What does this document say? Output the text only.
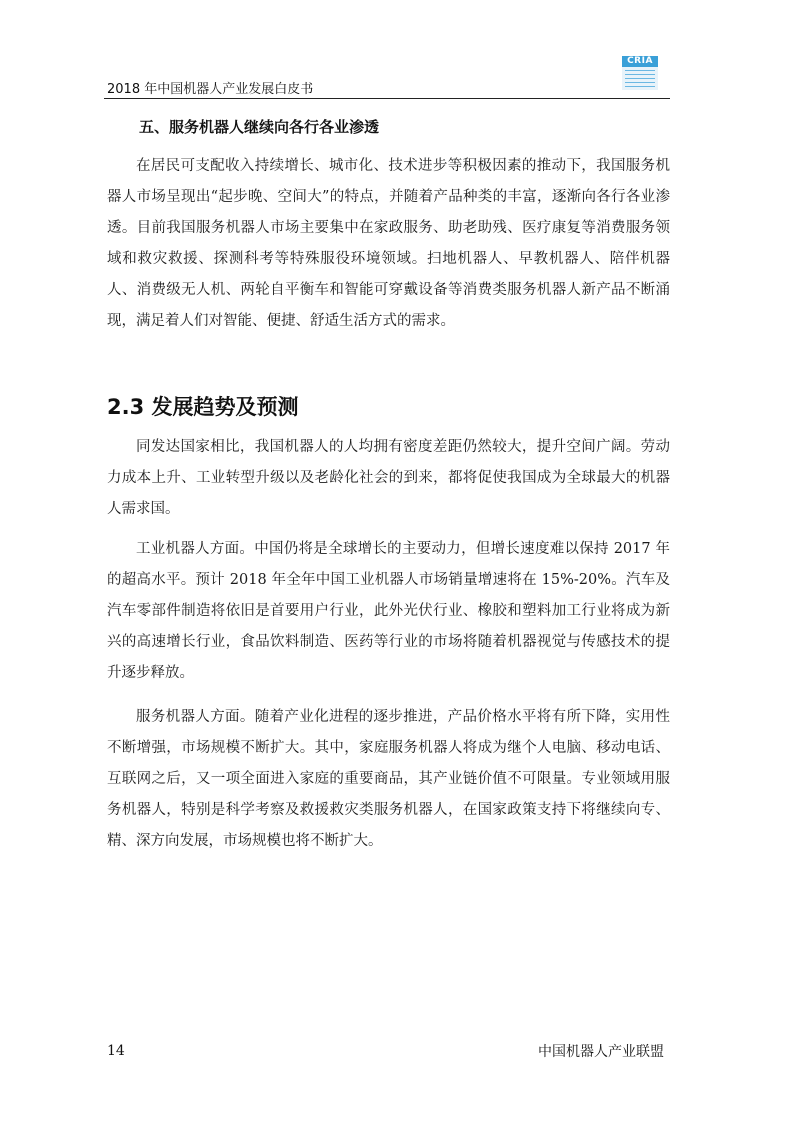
2018 年中国机器人产业发展白皮书
CRIA
五、服务机器人继续向各行各业渗透

在居民可支配收入持续增长、城市化、技术进步等积极因素的推动下，我国服务机器人市场呈现出“起步晚、空间大”的特点，并随着产品种类的丰富，逐渐向各行各业渗透。目前我国服务机器人市场主要集中在家政服务、助老助残、医疗康复等消费服务领域和救灾救援、探测科考等特殊服役环境领域。扫地机器人、早教机器人、陪伴机器人、消费级无人机、两轮自平衡车和智能可穿戴设备等消费类服务机器人新产品不断涌现，满足着人们对智能、便捷、舒适生活方式的需求。

2.3 发展趋势及预测

同发达国家相比，我国机器人的人均拥有密度差距仍然较大，提升空间广阔。劳动力成本上升、工业转型升级以及老龄化社会的到来，都将促使我国成为全球最大的机器人需求国。

工业机器人方面。中国仍将是全球增长的主要动力，但增长速度难以保持 2017 年的超高水平。预计 2018 年全年中国工业机器人市场销量增速将在 15%-20%。汽车及汽车零部件制造将依旧是首要用户行业，此外光伏行业、橡胶和塑料加工行业将成为新兴的高速增长行业，食品饮料制造、医药等行业的市场将随着机器视觉与传感技术的提升逐步释放。

服务机器人方面。随着产业化进程的逐步推进，产品价格水平将有所下降，实用性不断增强，市场规模不断扩大。其中，家庭服务机器人将成为继个人电脑、移动电话、互联网之后，又一项全面进入家庭的重要商品，其产业链价值不可限量。专业领域用服务机器人，特别是科学考察及救援救灾类服务机器人，在国家政策支持下将继续向专、精、深方向发展，市场规模也将不断扩大。

14	中国机器人产业联盟
